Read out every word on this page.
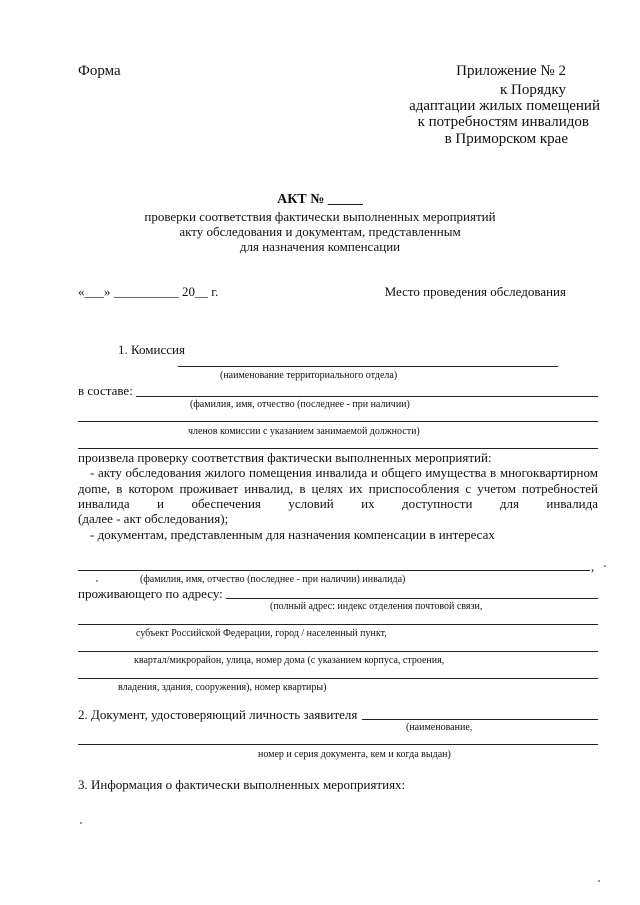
Форма	Приложение № 2
к Порядку
адаптации жилых помещений
к потребностям инвалидов
в Приморском крае
АКТ № _____
проверки соответствия фактически выполненных мероприятий
акту обследования и документам, представленным
для назначения компенсации
«___» __________ 20__ г.	Место проведения обследования
1. Комиссия
(наименование территориального отдела)
в составе:
(фамилия, имя, отчество (последнее - при наличии)
членов комиссии с указанием занимаемой должности)
произвела проверку соответствия фактически выполненных мероприятий:
- акту обследования жилого помещения инвалида и общего имущества в многоквартирном
дome, в котором проживает инвалид, в целях их приспособления с учетом потребностей
инвалида и обеспечения условий их доступности для инвалида
(далее - акт обследования);
- документам, представленным для назначения компенсации в интересах
,
(фамилия, имя, отчество (последнее - при наличии) инвалида)
проживающего по адресу:
(полный адрес: индекс отделения почтовой связи,
субъект Российской Федерации, город / населенный пункт,
квартал/микрорайон, улица, номер дома (с указанием корпуса, строения,
владения, здания, сооружения), номер квартиры)
2. Документ, удостоверяющий личность заявителя
(наименование,
номер и серия документа, кем и когда выдан)
3. Информация о фактически выполненных мероприятиях:
